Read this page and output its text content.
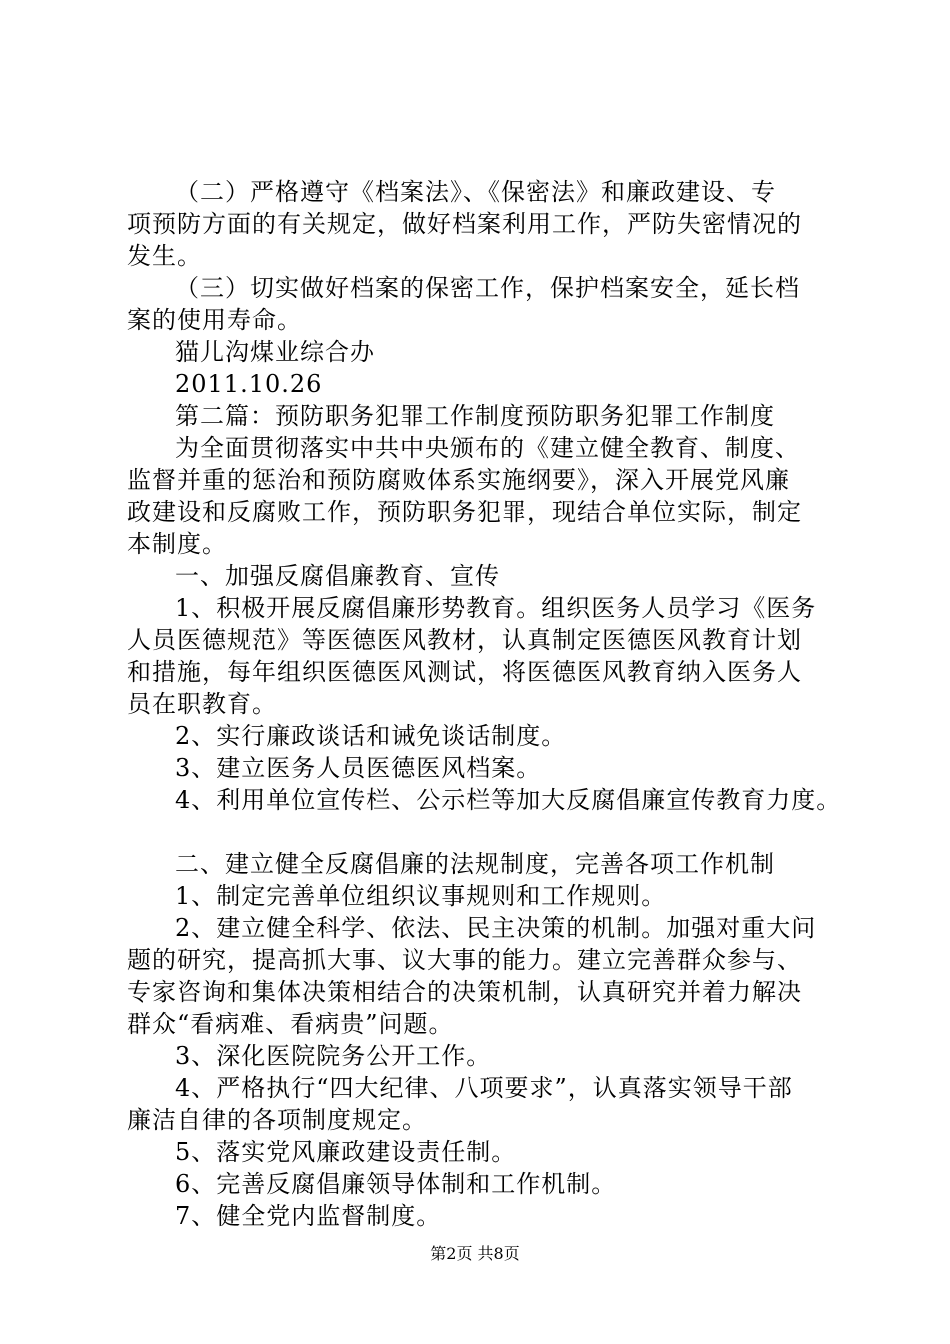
（二）严格遵守《档案法》、《保密法》和廉政建设、专
项预防方面的有关规定，做好档案利用工作，严防失密情况的
发生。
（三）切实做好档案的保密工作，保护档案安全，延长档
案的使用寿命。
猫儿沟煤业综合办
2011.10.26
第二篇：预防职务犯罪工作制度预防职务犯罪工作制度
为全面贯彻落实中共中央颁布的《建立健全教育、制度、
监督并重的惩治和预防腐败体系实施纲要》，深入开展党风廉
政建设和反腐败工作，预防职务犯罪，现结合单位实际，制定
本制度。
一、加强反腐倡廉教育、宣传
1、积极开展反腐倡廉形势教育。组织医务人员学习《医务
人员医德规范》等医德医风教材，认真制定医德医风教育计划
和措施，每年组织医德医风测试，将医德医风教育纳入医务人
员在职教育。
2、实行廉政谈话和诫免谈话制度。
3、建立医务人员医德医风档案。
4、利用单位宣传栏、公示栏等加大反腐倡廉宣传教育力度。
二、建立健全反腐倡廉的法规制度，完善各项工作机制
1、制定完善单位组织议事规则和工作规则。
2、建立健全科学、依法、民主决策的机制。加强对重大问
题的研究，提高抓大事、议大事的能力。建立完善群众参与、
专家咨询和集体决策相结合的决策机制，认真研究并着力解决
群众“看病难、看病贵”问题。
3、深化医院院务公开工作。
4、严格执行“四大纪律、八项要求”，认真落实领导干部
廉洁自律的各项制度规定。
5、落实党风廉政建设责任制。
6、完善反腐倡廉领导体制和工作机制。
7、健全党内监督制度。
第2页 共8页
